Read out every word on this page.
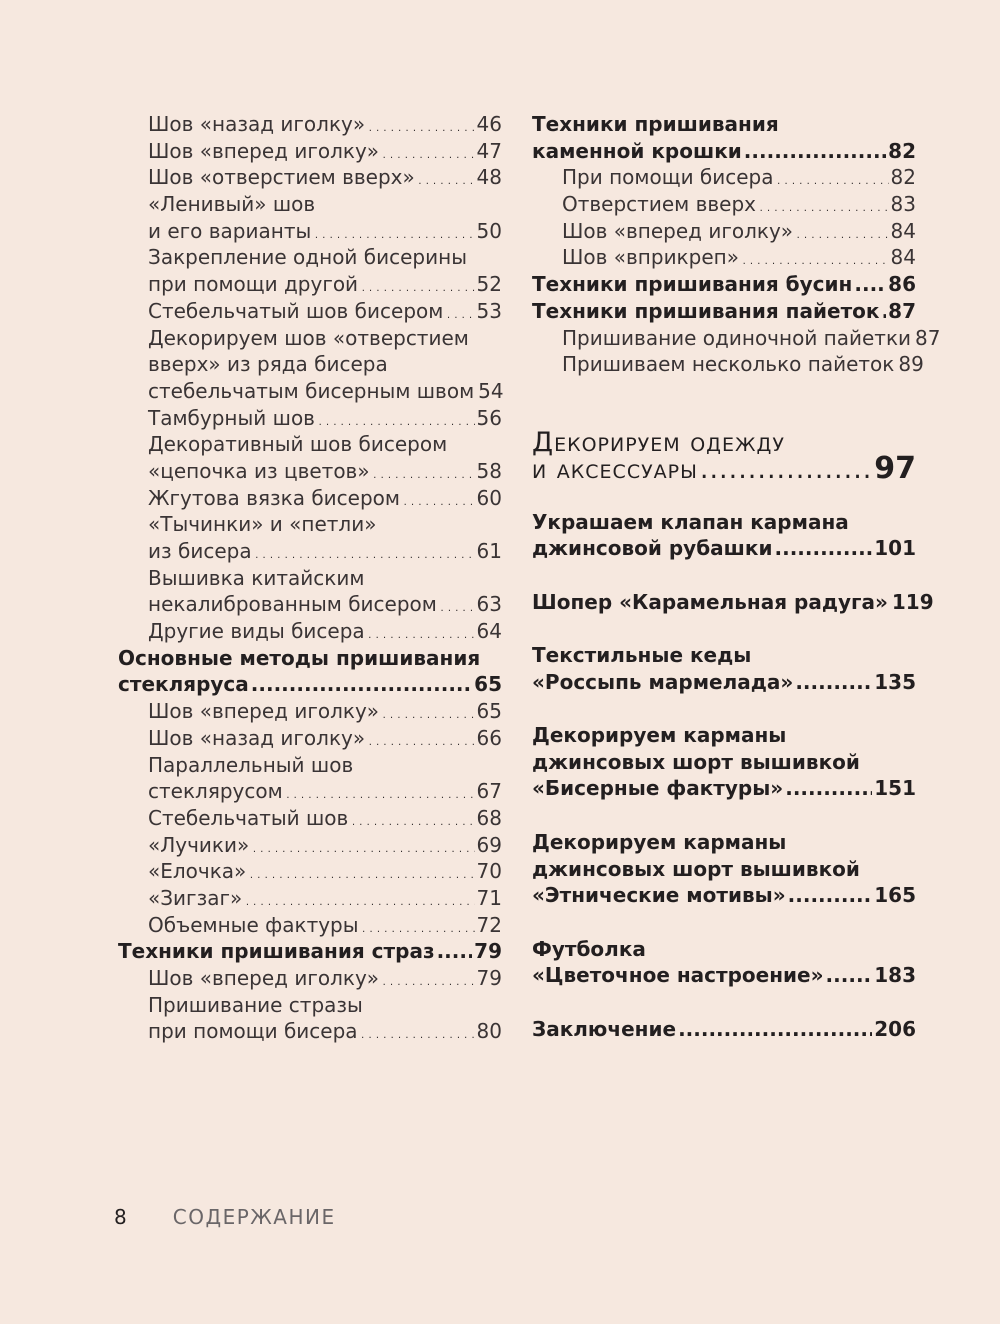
Шов «назад иголку» .....	46
Шов «вперед иголку» .....	47
Шов «отверстием вверх» .....	48
«Ленивый» шов
и его варианты .....	50
Закрепление одной бисерины
при помощи другой .....	52
Стебельчатый шов бисером ..... 53
Декорируем шов «отверстием
вверх» из ряда бисера
стебельчатым бисерным швом 54
Тамбурный шов .....	56
Декоративный шов бисером
«цепочка из цветов» .....	58
Жгутова вязка бисером .....	60
«Тычинки» и «петли»
из бисера .....	61
Вышивка китайским
некалиброванным бисером ..... 63
Другие виды бисера .....	64
Основные методы пришивания
стекляруса .....	65
Шов «вперед иголку» .....	65
Шов «назад иголку» .....	66
Параллельный шов
стеклярусом .....	67
Стебельчатый шов .....	68
«Лучики» .....	69
«Елочка» .....	70
«Зигзаг» .....	71
Объемные фактуры .....	72
Техники пришивания страз ..... 79
Шов «вперед иголку» .....	79
Пришивание стразы
при помощи бисера .....	80
Техники пришивания
каменной крошки .....	82
При помощи бисера .....	82
Отверстием вверх .....	83
Шов «вперед иголку» .....	84
Шов «вприкреп» .....	84
Техники пришивания бусин ..... 86
Техники пришивания пайеток ..... 87
Пришивание одиночной пайетки 87
Пришиваем несколько пайеток 89
Декорируем одежду
и аксессуары .....	97
Украшаем клапан кармана
джинсовой рубашки .....	101
Шопер «Карамельная радуга» 119
Текстильные кеды
«Россыпь мармелада» .....	135
Декорируем карманы
джинсовых шорт вышивкой
«Бисерные фактуры» .....	151
Декорируем карманы
джинсовых шорт вышивкой
«Этнические мотивы» .....	165
Футболка
«Цветочное настроение» .....	183
Заключение .....	206
8 СОДЕРЖАНИЕ
